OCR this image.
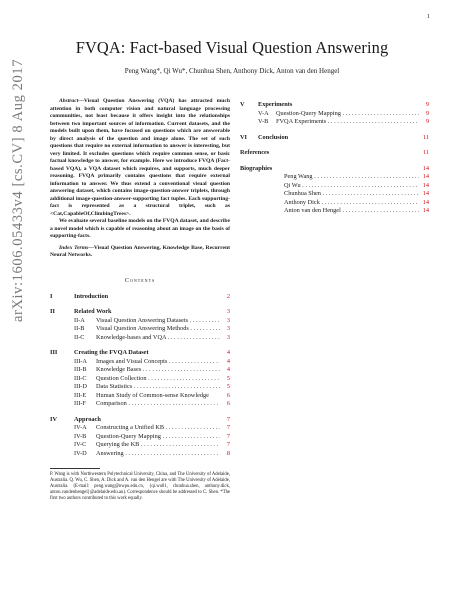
1
arXiv:1606.05433v4 [cs.CV] 8 Aug 2017
FVQA: Fact-based Visual Question Answering
Peng Wang*, Qi Wu*, Chunhua Shen, Anthony Dick, Anton van den Hengel

Abstract—Visual Question Answering (VQA) has attracted much attention in both computer vision and natural language processing communities, not least because it offers insight into the relationships between two important sources of information. Current datasets, and the models built upon them, have focused on questions which are answerable by direct analysis of the question and image alone. The set of such questions that require no external information to answer is interesting, but very limited. It excludes questions which require common sense, or basic factual knowledge to answer, for example. Here we introduce FVQA (Fact-based VQA), a VQA dataset which requires, and supports, much deeper reasoning. FVQA primarily contains questions that require external information to answer. We thus extend a conventional visual question answering dataset, which contains image-question-answer triplets, through additional image-question-answer-supporting fact tuples. Each supporting-fact is represented as a structural triplet, such as <Cat,CapableOf,ClimbingTrees>.

We evaluate several baseline models on the FVQA dataset, and describe a novel model which is capable of reasoning about an image on the basis of supporting-facts.

Index Terms—Visual Question Answering, Knowledge Base, Recurrent Neural Networks.

Contents
I	Introduction	2
II	Related Work	3
II-A	Visual Question Answering Datasets . . .	3
II-B	Visual Question Answering Methods . . .	3
II-C	Knowledge-bases and VQA . . .	3
III	Creating the FVQA Dataset	4
III-A	Images and Visual Concepts . . .	4
III-B	Knowledge Bases . . .	4
III-C	Question Collection . . .	5
III-D	Data Statistics . . .	5
III-E	Human Study of Common-sense Knowledge	6
III-F	Comparison . . .	6
IV	Approach	7
IV-A	Constructing a Unified KB . . .	7
IV-B	Question-Query Mapping . . .	7
IV-C	Querying the KB . . .	7
IV-D	Answering . . .	8

P. Wang is with Northwestern Polytechnical University, China, and The University of Adelaide, Australia. Q. Wu, C. Shen, A. Dick and A. van den Hengel are with The University of Adelaide, Australia. (E-mail: peng.wang@nwpu.edu.cn, {qi.wu01, chunhua.shen, anthony.dick, anton.vandenhengel}@adelaide.edu.au). Correspondence should be addressed to C. Shen. *The first two authors contributed to this work equally.

V	Experiments	9
V-A	Question-Query Mapping . . .	9
V-B	FVQA Experiments . . .	9
VI	Conclusion	11
References	11
Biographies	14
Peng Wang . . .	14
Qi Wu . . .	14
Chunhua Shen . . .	14
Anthony Dick . . .	14
Anton van den Hengel . . .	14
